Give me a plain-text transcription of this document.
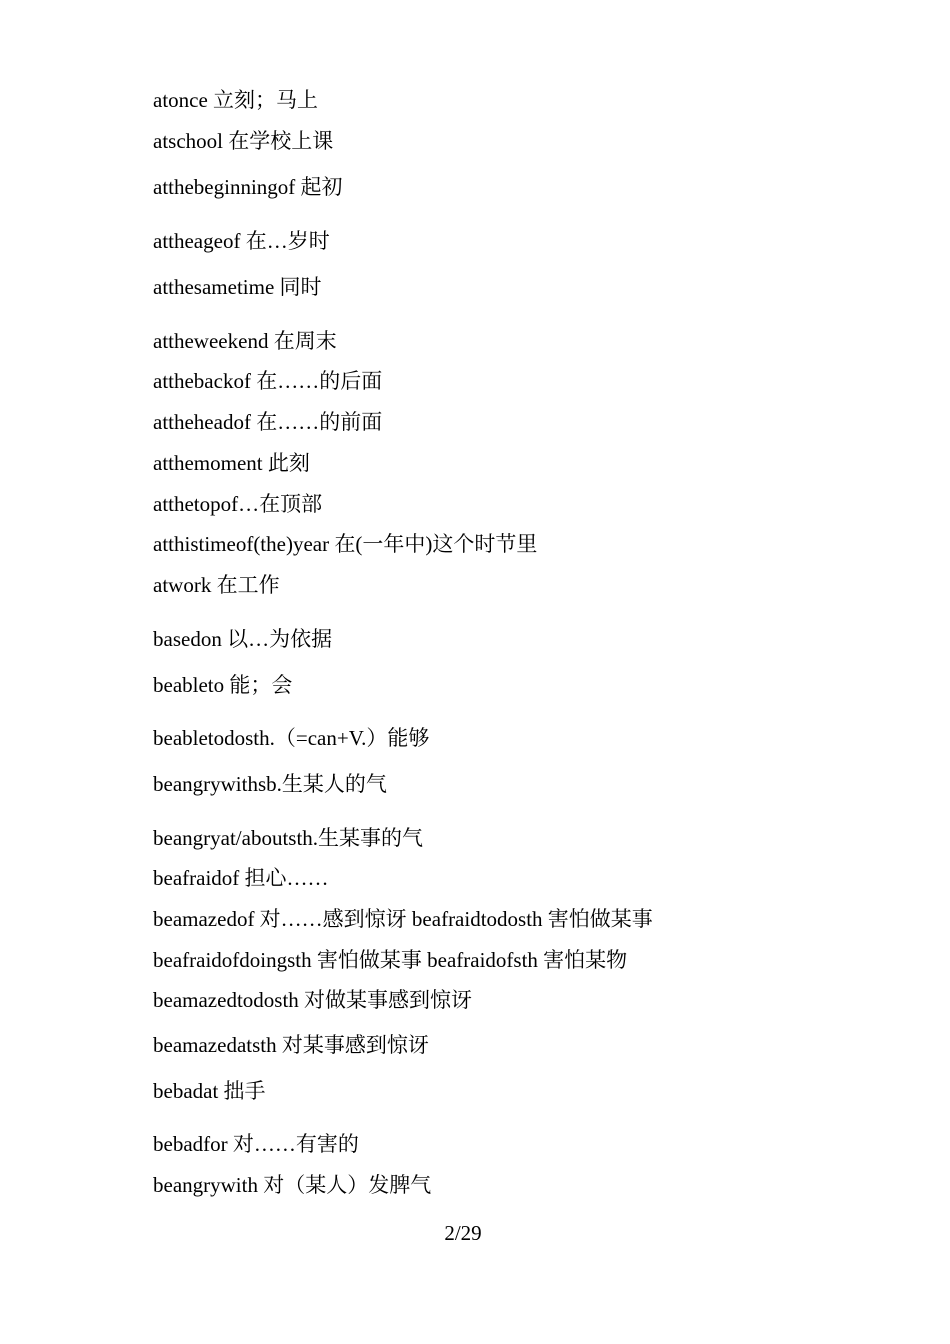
atonce 立刻；马上
atschool 在学校上课
atthebeginningof 起初
attheageof 在…岁时
atthesametime 同时
attheweekend 在周末
atthebackof 在……的后面
attheheadof 在……的前面
atthemoment 此刻
atthetopof…在顶部
atthistimeof(the)year 在(一年中)这个时节里
atwork 在工作
basedon 以…为依据
beableto 能；会
beabletodosth.（=can+V.）能够
beangrywithsb.生某人的气
beangryat/aboutsth.生某事的气
beafraidof 担心……
beamazedof 对……感到惊讶 beafraidtodosth 害怕做某事
beafraidofdoingsth 害怕做某事 beafraidofsth 害怕某物
beamazedtodosth 对做某事感到惊讶
beamazedatsth 对某事感到惊讶
bebadat 拙手
bebadfor 对……有害的
beangrywith 对（某人）发脾气
2/29
